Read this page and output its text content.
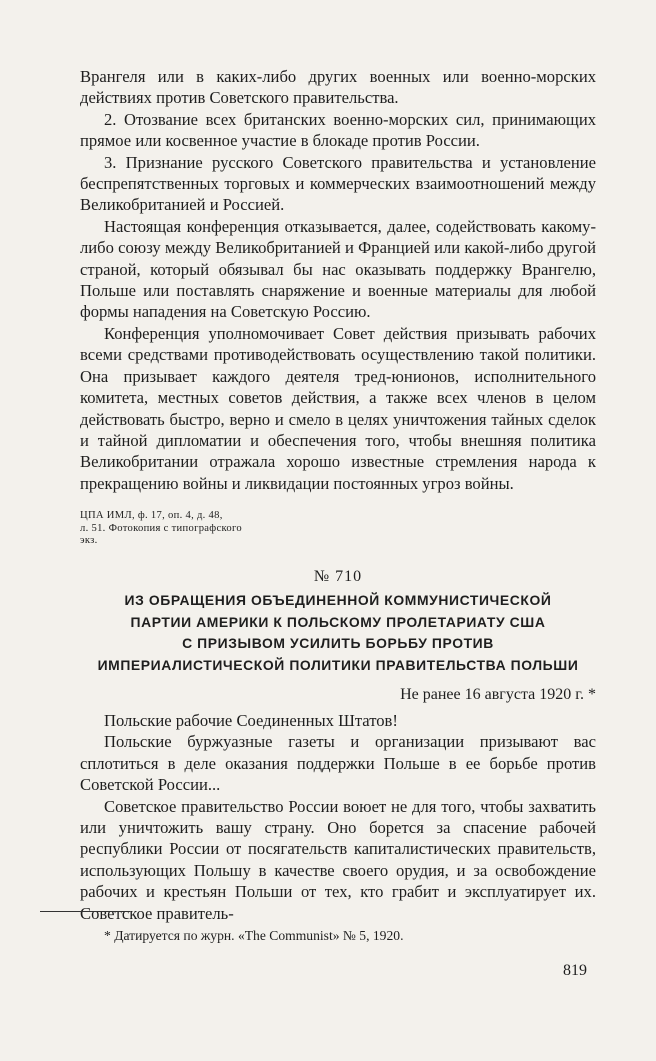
Врангеля или в каких-либо других военных или военно-морских действиях против Советского правительства.

2. Отозвание всех британских военно-морских сил, принимающих прямое или косвенное участие в блокаде против России.

3. Признание русского Советского правительства и установление беспрепятственных торговых и коммерческих взаимоотношений между Великобританией и Россией.

Настоящая конференция отказывается, далее, содействовать какому-либо союзу между Великобританией и Францией или какой-либо другой страной, который обязывал бы нас оказывать поддержку Врангелю, Польше или поставлять снаряжение и военные материалы для любой формы нападения на Советскую Россию.

Конференция уполномочивает Совет действия призывать рабочих всеми средствами противодействовать осуществлению такой политики. Она призывает каждого деятеля тред-юнионов, исполнительного комитета, местных советов действия, а также всех членов в целом действовать быстро, верно и смело в целях уничтожения тайных сделок и тайной дипломатии и обеспечения того, чтобы внешняя политика Великобритании отражала хорошо известные стремления народа к прекращению войны и ликвидации постоянных угроз войны.

ЦПА ИМЛ, ф. 17, оп. 4, д. 48,

л. 51. Фотокопия с типографского

экз.

№ 710

ИЗ ОБРАЩЕНИЯ ОБЪЕДИНЕННОЙ КОММУНИСТИЧЕСКОЙ

ПАРТИИ АМЕРИКИ К ПОЛЬСКОМУ ПРОЛЕТАРИАТУ США

С ПРИЗЫВОМ УСИЛИТЬ БОРЬБУ ПРОТИВ

ИМПЕРИАЛИСТИЧЕСКОЙ ПОЛИТИКИ ПРАВИТЕЛЬСТВА ПОЛЬШИ

Не ранее 16 августа 1920 г. *

Польские рабочие Соединенных Штатов!

Польские буржуазные газеты и организации призывают вас сплотиться в деле оказания поддержки Польше в ее борьбе против Советской России...

Советское правительство России воюет не для того, чтобы захватить или уничтожить вашу страну. Оно борется за спасение рабочей республики России от посягательств капиталистических правительств, использующих Польшу в качестве своего орудия, и за освобождение рабочих и крестьян Польши от тех, кто грабит и эксплуатирует их. Советское правитель-

* Датируется по журн. «The Communist» № 5, 1920.

819
